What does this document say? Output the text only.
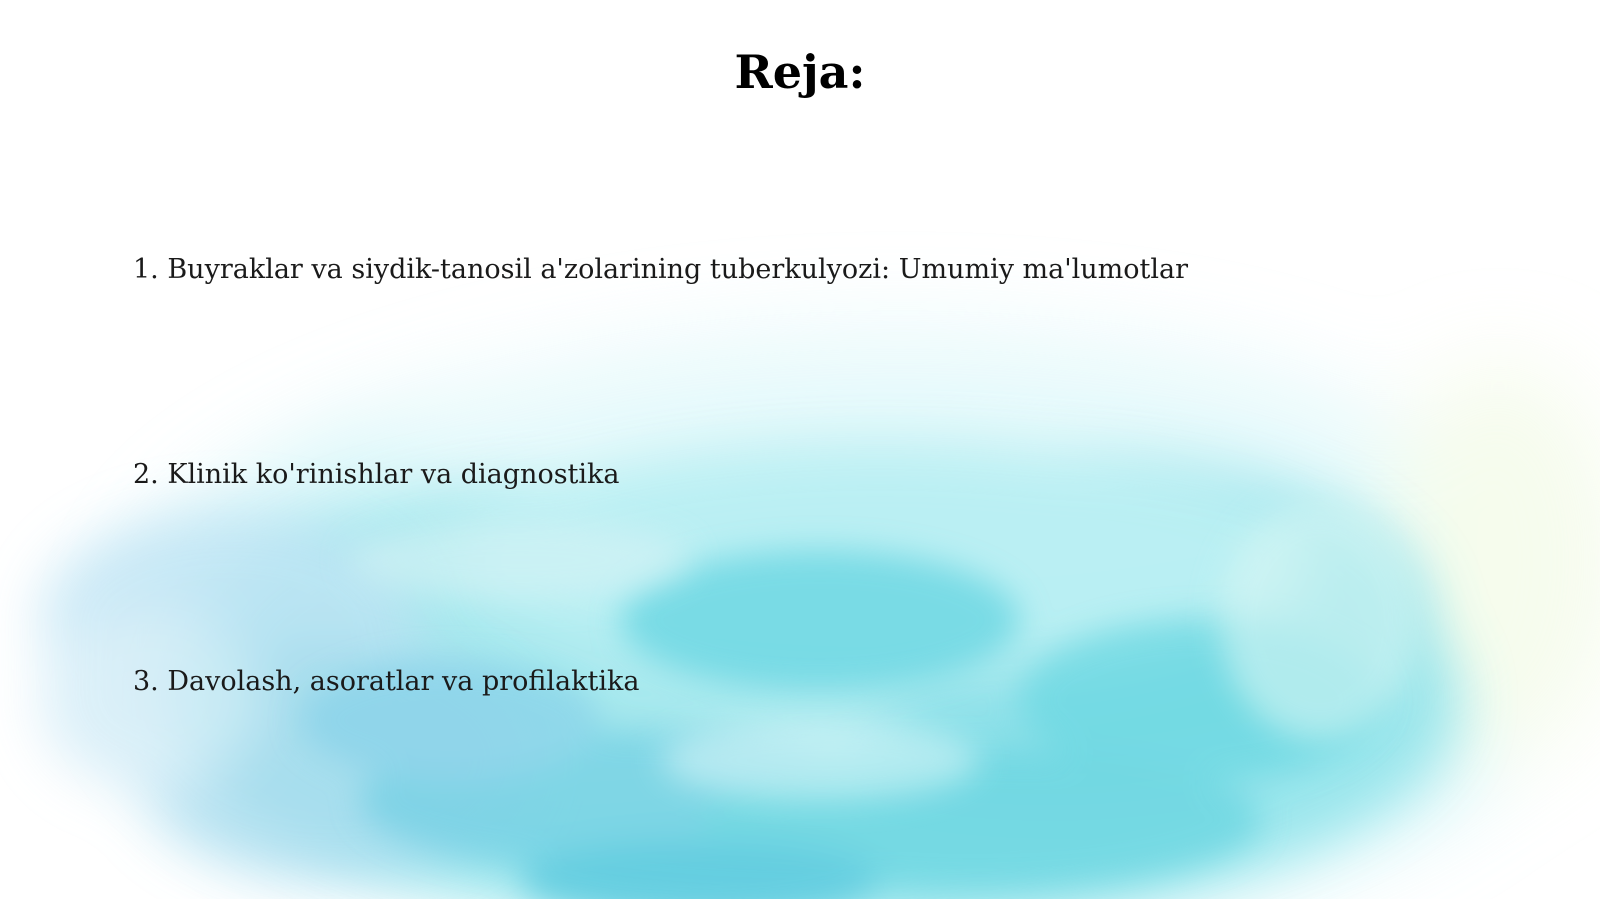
Reja:
1. Buyraklar va siydik-tanosil a'zolarining tuberkulyozi: Umumiy ma'lumotlar
2. Klinik ko'rinishlar va diagnostika
3. Davolash, asoratlar va profilaktika
